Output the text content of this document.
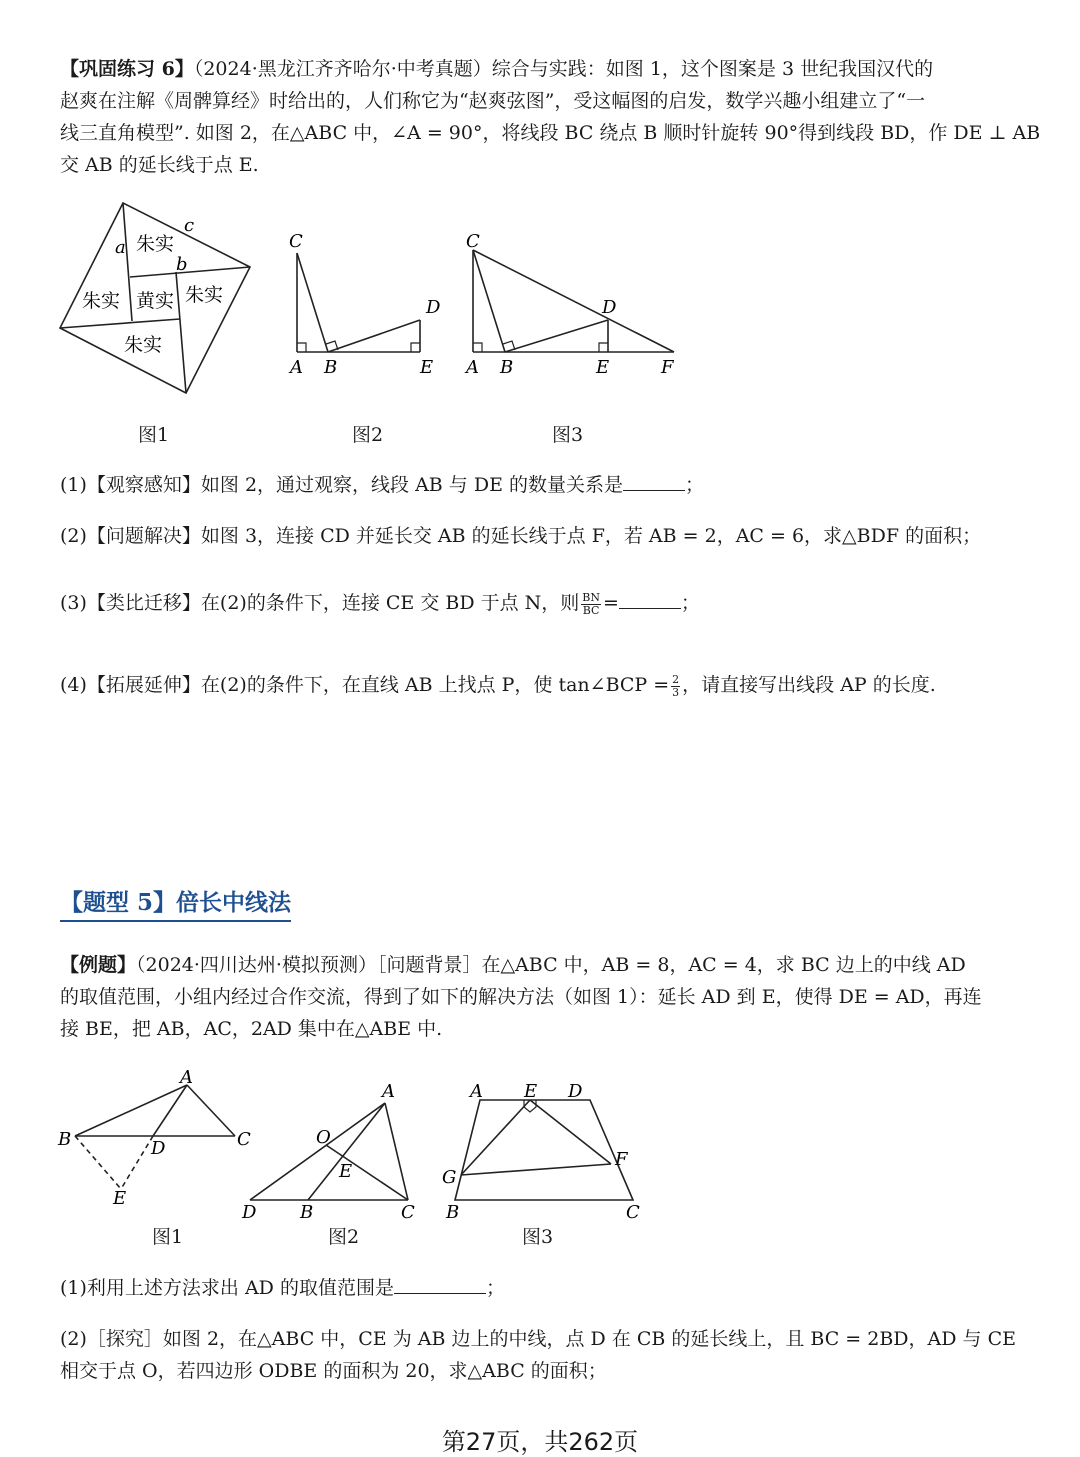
【巩固练习 6】（2024·黑龙江齐齐哈尔·中考真题）综合与实践：如图 1，这个图案是 3 世纪我国汉代的
赵爽在注解《周髀算经》时给出的，人们称它为“赵爽弦图”，受这幅图的启发，数学兴趣小组建立了“一
线三直角模型”. 如图 2，在△ABC 中，∠A = 90°，将线段 BC 绕点 B 顺时针旋转 90°得到线段 BD，作 DE ⊥ AB
交 AB 的延长线于点 E.
a
b
c
朱实
朱实 黄实 朱实
朱实
图1
C
A B
D
E
图2
C
A B
D
E	F
图3
(1)【观察感知】如图 2，通过观察，线段 AB 与 DE 的数量关系是	；
(2)【问题解决】如图 3，连接 CD 并延长交 AB 的延长线于点 F，若 AB = 2，AC = 6，求△BDF 的面积；
(3)【类比迁移】在(2)的条件下，连接 CE 交 BD 于点 N，则 $\frac{BN}{BC}$ =	；
(4)【拓展延伸】在(2)的条件下，在直线 AB 上找点 P，使 tan∠BCP = $\frac{2}{3}$ ，请直接写出线段 AP 的长度.
【题型 5】倍长中线法
【例题】（2024·四川达州·模拟预测）［问题背景］在△ABC 中，AB = 8，AC = 4，求 BC 边上的中线 AD
的取值范围，小组内经过合作交流，得到了如下的解决方法（如图 1）：延长 AD 到 E，使得 DE = AD，再连
接 BE，把 AB，AC，2AD 集中在△ABE 中.
A
B	C
D
E
图1
A
O
E
D B	C
图2
A E D
G
F
B	C
图3
(1)利用上述方法求出 AD 的取值范围是	；
(2)［探究］如图 2，在△ABC 中，CE 为 AB 边上的中线，点 D 在 CB 的延长线上，且 BC = 2BD，AD 与 CE
相交于点 O，若四边形 ODBE 的面积为 20，求△ABC 的面积；
第27页，共262页
